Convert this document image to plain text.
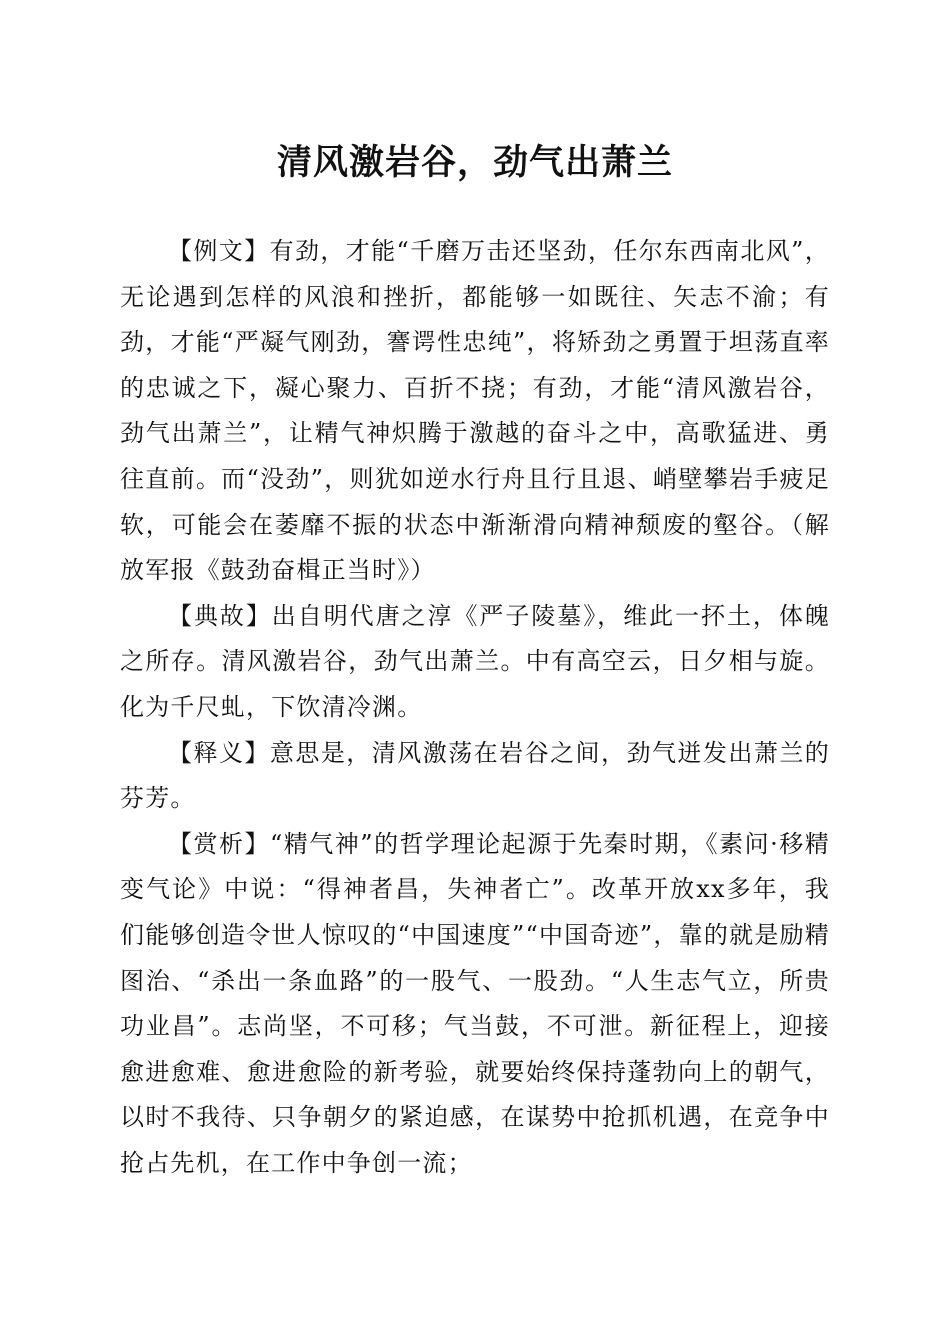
清风激岩谷，劲气出萧兰

【例文】有劲，才能“千磨万击还坚劲，任尔东西南北风”，无论遇到怎样的风浪和挫折，都能够一如既往、矢志不渝；有劲，才能“严凝气刚劲，謇谔性忠纯”，将矫劲之勇置于坦荡直率的忠诚之下，凝心聚力、百折不挠；有劲，才能“清风激岩谷，劲气出萧兰”，让精气神炽腾于激越的奋斗之中，高歌猛进、勇往直前。而“没劲”，则犹如逆水行舟且行且退、峭壁攀岩手疲足软，可能会在萎靡不振的状态中渐渐滑向精神颓废的壑谷。（解放军报《鼓劲奋楫正当时》）

【典故】出自明代唐之淳《严子陵墓》，维此一抔土，体魄之所存。清风激岩谷，劲气出萧兰。中有高空云，日夕相与旋。化为千尺虬，下饮清冷渊。

【释义】意思是，清风激荡在岩谷之间，劲气迸发出萧兰的芬芳。

【赏析】“精气神”的哲学理论起源于先秦时期，《素问·移精变气论》中说：“得神者昌，失神者亡”。改革开放xx多年，我们能够创造令世人惊叹的“中国速度”“中国奇迹”，靠的就是励精图治、“杀出一条血路”的一股气、一股劲。“人生志气立，所贵功业昌”。志尚坚，不可移；气当鼓，不可泄。新征程上，迎接愈进愈难、愈进愈险的新考验，就要始终保持蓬勃向上的朝气，以时不我待、只争朝夕的紧迫感，在谋势中抢抓机遇，在竞争中抢占先机，在工作中争创一流；
